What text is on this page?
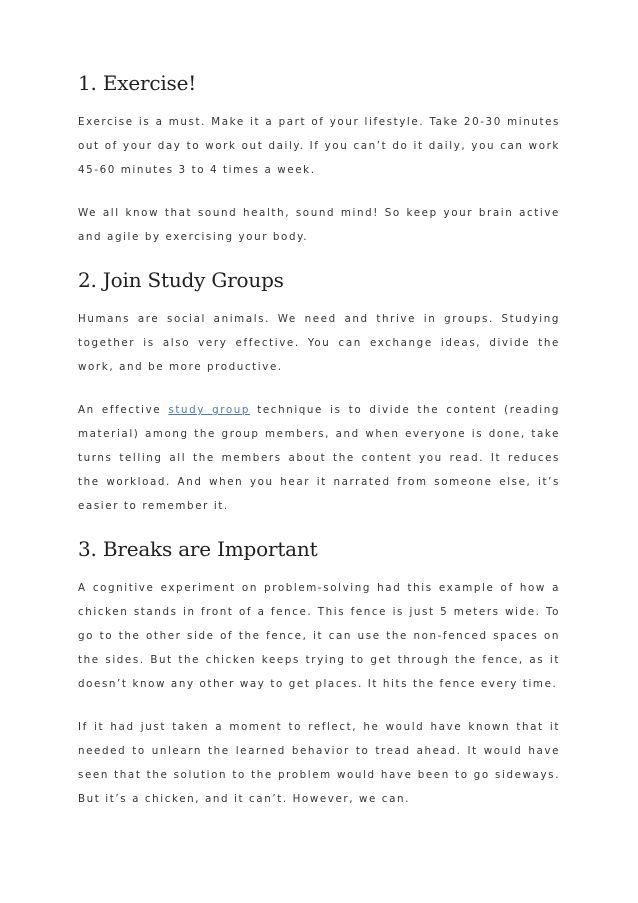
1. Exercise!

Exercise is a must. Make it a part of your lifestyle. Take 20-30 minutes out of your day to work out daily. If you can’t do it daily, you can work 45-60 minutes 3 to 4 times a week.

We all know that sound health, sound mind! So keep your brain active and agile by exercising your body.

2. Join Study Groups

Humans are social animals. We need and thrive in groups. Studying together is also very effective. You can exchange ideas, divide the work, and be more productive.

An effective study group technique is to divide the content (reading material) among the group members, and when everyone is done, take turns telling all the members about the content you read. It reduces the workload. And when you hear it narrated from someone else, it’s easier to remember it.

3. Breaks are Important

A cognitive experiment on problem-solving had this example of how a chicken stands in front of a fence. This fence is just 5 meters wide. To go to the other side of the fence, it can use the non-fenced spaces on the sides. But the chicken keeps trying to get through the fence, as it doesn’t know any other way to get places. It hits the fence every time.

If it had just taken a moment to reflect, he would have known that it needed to unlearn the learned behavior to tread ahead. It would have seen that the solution to the problem would have been to go sideways. But it’s a chicken, and it can’t. However, we can.
